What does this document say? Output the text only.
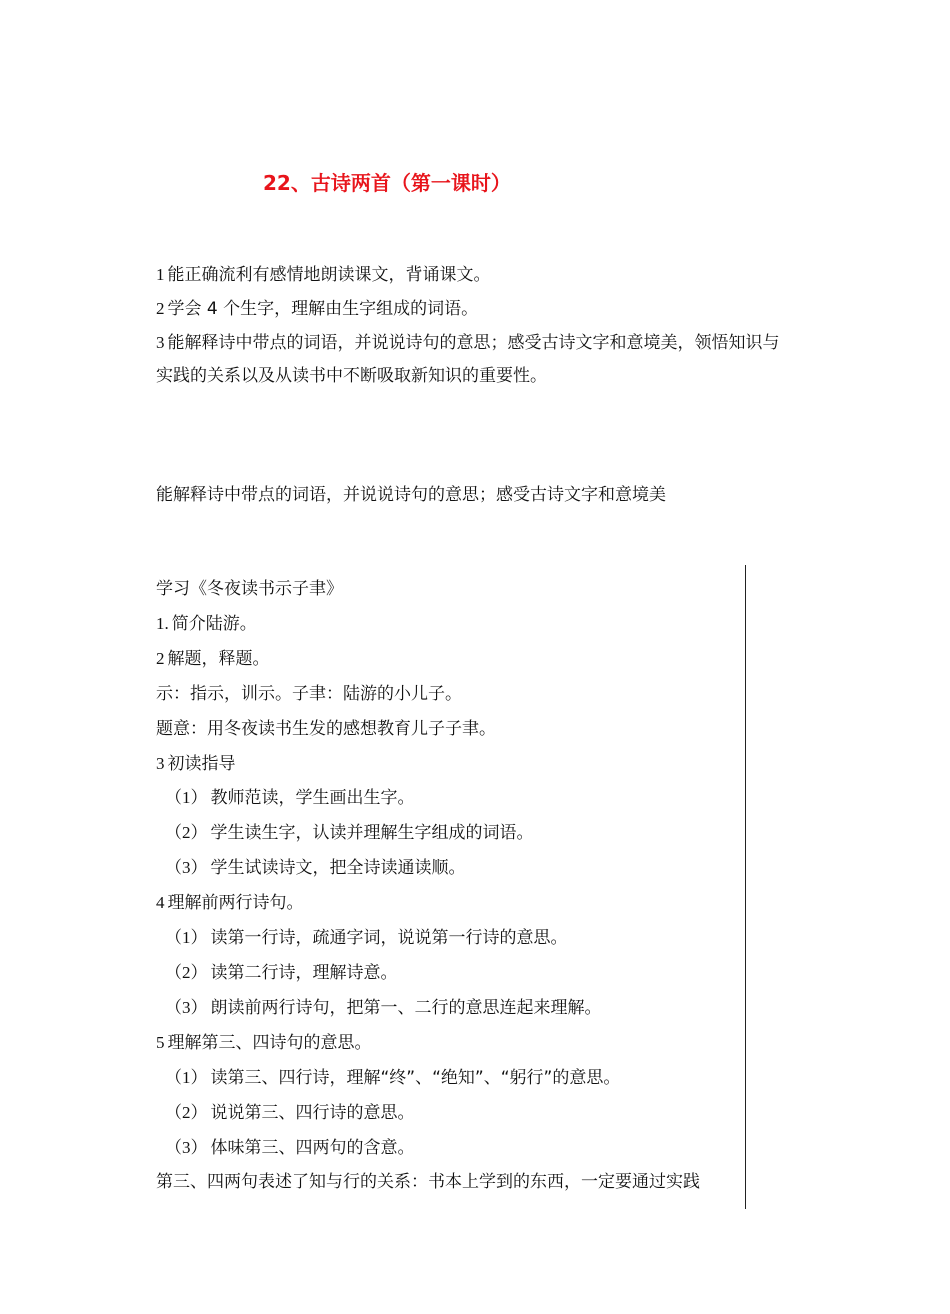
22、古诗两首（第一课时）
1 能正确流利有感情地朗读课文，背诵课文。
2 学会 4 个生字，理解由生字组成的词语。
3 能解释诗中带点的词语，并说说诗句的意思；感受古诗文字和意境美，领悟知识与
实践的关系以及从读书中不断吸取新知识的重要性。
能解释诗中带点的词语，并说说诗句的意思；感受古诗文字和意境美
学习《冬夜读书示子聿》
1. 简介陆游。
2 解题，释题。
示：指示，训示。子聿：陆游的小儿子。
题意：用冬夜读书生发的感想教育儿子子聿。
3 初读指导
（1） 教师范读，学生画出生字。
（2） 学生读生字，认读并理解生字组成的词语。
（3） 学生试读诗文，把全诗读通读顺。
4 理解前两行诗句。
（1） 读第一行诗，疏通字词，说说第一行诗的意思。
（2） 读第二行诗，理解诗意。
（3） 朗读前两行诗句，把第一、二行的意思连起来理解。
5 理解第三、四诗句的意思。
（1） 读第三、四行诗，理解“终”、“绝知”、“躬行”的意思。
（2） 说说第三、四行诗的意思。
（3） 体味第三、四两句的含意。
第三、四两句表述了知与行的关系：书本上学到的东西，一定要通过实践
